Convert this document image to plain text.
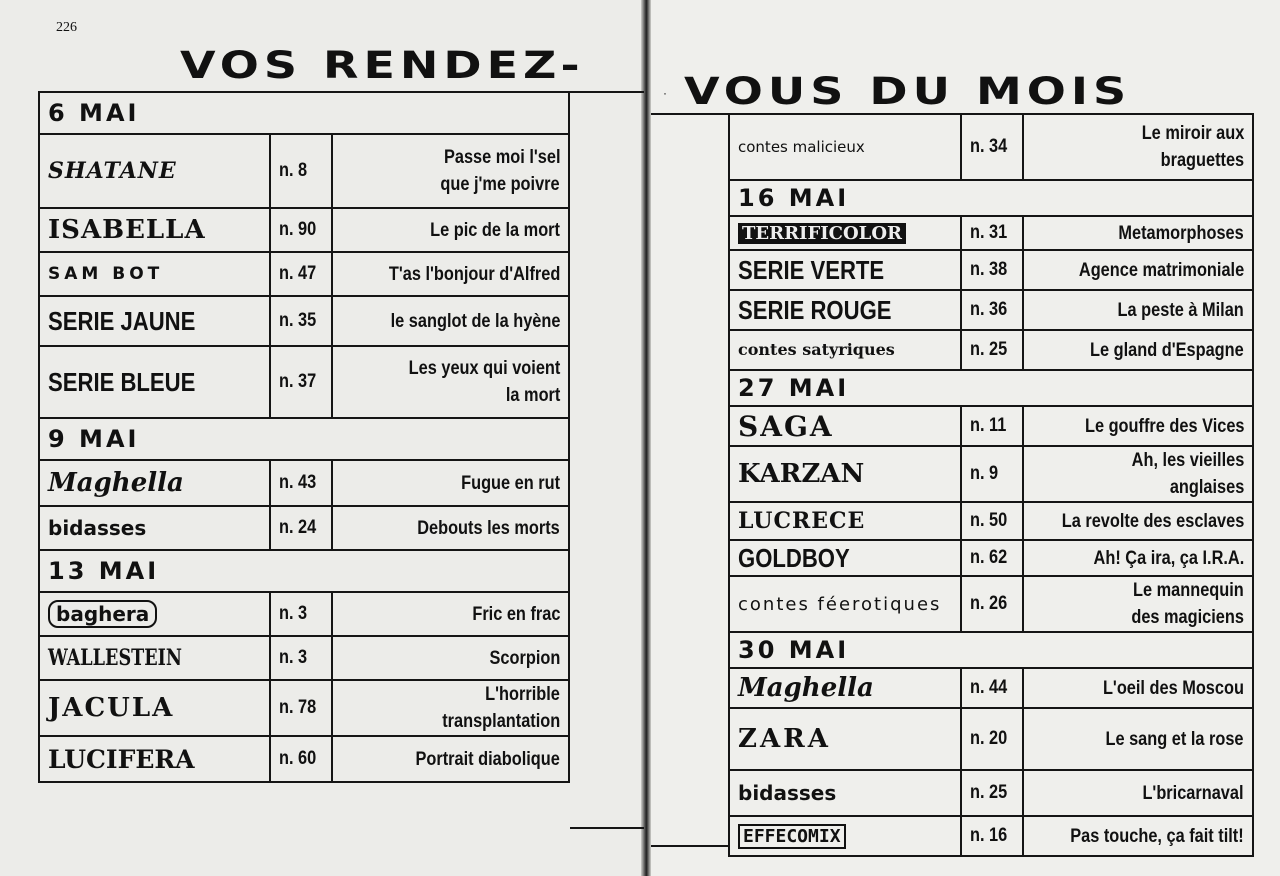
226
VOS RENDEZ-
· VOUS DU MOIS
6 MAI		
SHATANE	n. 8	Passe moi l'sel
que j'me poivre
ISABELLA	n. 90	Le pic de la mort
SAM BOT	n. 47	T'as l'bonjour d'Alfred
SERIE JAUNE	n. 35	le sanglot de la hyène
SERIE BLEUE	n. 37	Les yeux qui voient
la mort
9 MAI		
Maghella	n. 43	Fugue en rut
bidasses	n. 24	Debouts les morts
13 MAI		
baghera	n. 3	Fric en frac
WALLESTEIN	n. 3	Scorpion
JACULA	n. 78	L'horrible
transplantation
LUCIFERA	n. 60	Portrait diabolique
contes malicieux	n. 34	Le miroir aux
braguettes
16 MAI		
TERRIFICOLOR	n. 31	Metamorphoses
SERIE VERTE	n. 38	Agence matrimoniale
SERIE ROUGE	n. 36	La peste à Milan
contes satyriques	n. 25	Le gland d'Espagne
27 MAI		
SAGA	n. 11	Le gouffre des Vices
KARZAN	n. 9	Ah, les vieilles anglaises
LUCRECE	n. 50	La revolte des esclaves
GOLDBOY	n. 62	Ah! Ça ira, ça I.R.A.
contes féerotiques	n. 26	Le mannequin
des magiciens
30 MAI		
Maghella	n. 44	L'oeil des Moscou
ZARA	n. 20	Le sang et la rose
bidasses	n. 25	L'bricarnaval
EFFECOMIX	n. 16	Pas touche, ça fait tilt!
